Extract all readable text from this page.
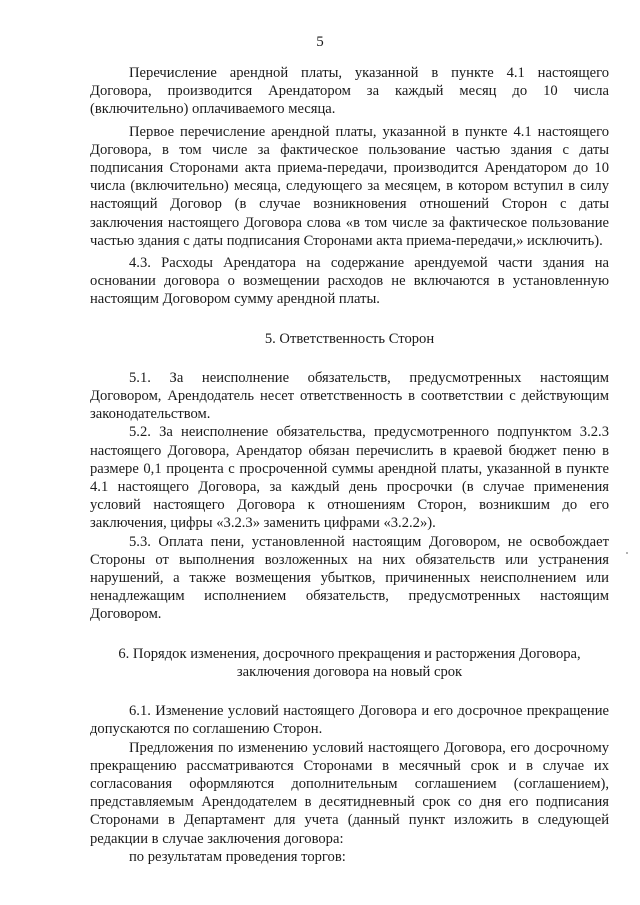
5

Перечисление арендной платы, указанной в пункте 4.1 настоящего Договора, производится Арендатором за каждый месяц до 10 числа (включительно) оплачиваемого месяца.

Первое перечисление арендной платы, указанной в пункте 4.1 настоящего Договора, в том числе за фактическое пользование частью здания с даты подписания Сторонами акта приема-передачи, производится Арендатором до 10 числа (включительно) месяца, следующего за месяцем, в котором вступил в силу настоящий Договор (в случае возникновения отношений Сторон с даты заключения настоящего Договора слова «в том числе за фактическое пользование частью здания с даты подписания Сторонами акта приема-передачи,» исключить).

4.3. Расходы Арендатора на содержание арендуемой части здания на основании договора о возмещении расходов не включаются в установленную настоящим Договором сумму арендной платы.

5. Ответственность Сторон

5.1. За неисполнение обязательств, предусмотренных настоящим Договором, Арендодатель несет ответственность в соответствии с действующим законодательством.

5.2. За неисполнение обязательства, предусмотренного подпунктом 3.2.3 настоящего Договора, Арендатор обязан перечислить в краевой бюджет пеню в размере 0,1 процента с просроченной суммы арендной платы, указанной в пункте 4.1 настоящего Договора, за каждый день просрочки (в случае применения условий настоящего Договора к отношениям Сторон, возникшим до его заключения, цифры «3.2.3» заменить цифрами «3.2.2»).

5.3. Оплата пени, установленной настоящим Договором, не освобождает Стороны от выполнения возложенных на них обязательств или устранения нарушений, а также возмещения убытков, причиненных неисполнением или ненадлежащим исполнением обязательств, предусмотренных настоящим Договором.

6. Порядок изменения, досрочного прекращения и расторжения Договора,

заключения договора на новый срок

6.1. Изменение условий настоящего Договора и его досрочное прекращение допускаются по соглашению Сторон.

Предложения по изменению условий настоящего Договора, его досрочному прекращению рассматриваются Сторонами в месячный срок и в случае их согласования оформляются дополнительным соглашением (соглашением), представляемым Арендодателем в десятидневный срок со дня его подписания Сторонами в Департамент для учета (данный пункт изложить в следующей редакции в случае заключения договора:

по результатам проведения торгов:
